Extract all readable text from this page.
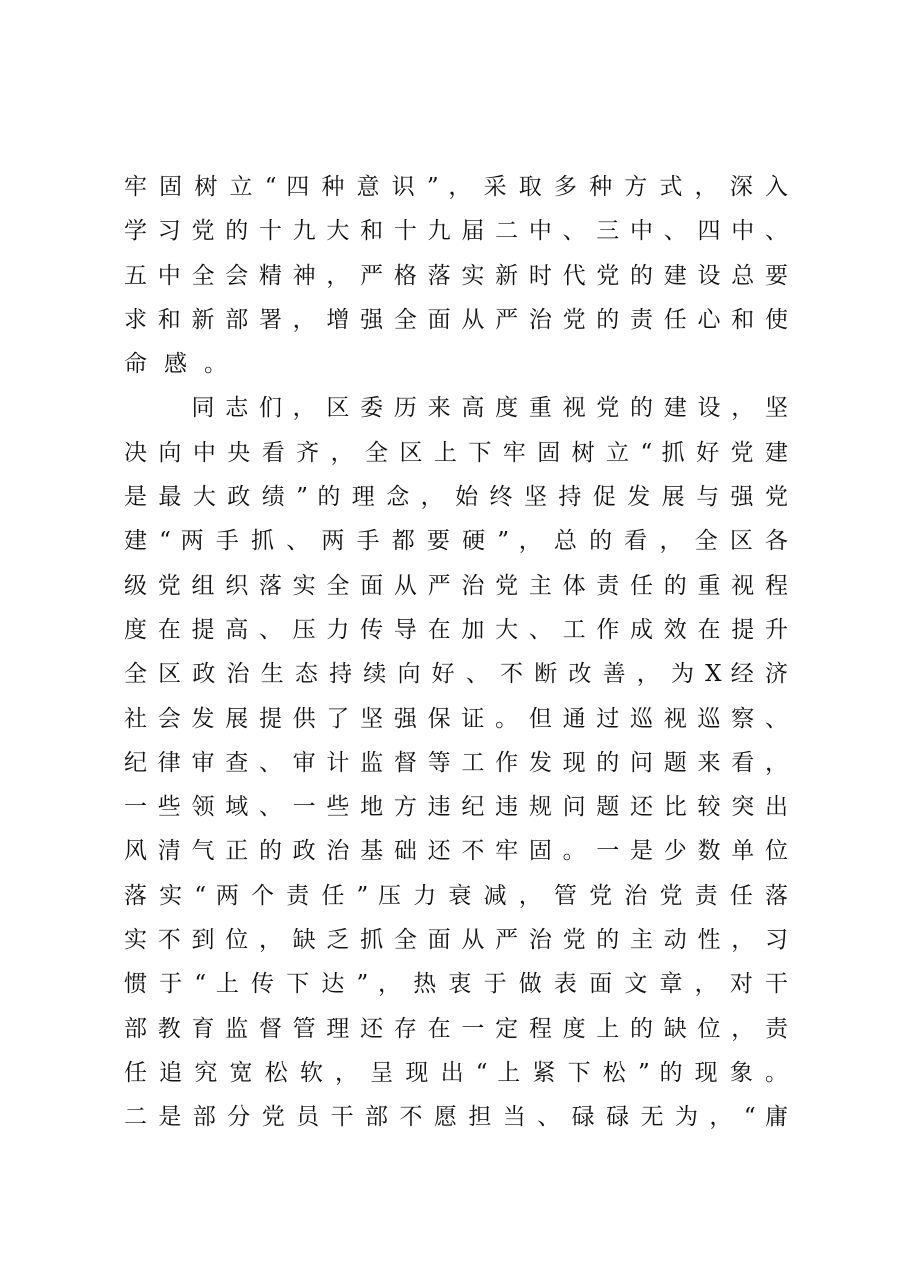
牢 固 树 立 “ 四 种 意 识 ” ， 采 取 多 种 方 式 ， 深 入
学 习 党 的 十 九 大 和 十 九 届 二 中 、 三 中 、 四 中 、
五 中 全 会 精 神 ， 严 格 落 实 新 时 代 党 的 建 设 总 要
求 和 新 部 署 ， 增 强 全 面 从 严 治 党 的 责 任 心 和 使
命感。
　 　 同 志 们 ， 区 委 历 来 高 度 重 视 党 的 建 设 ， 坚
决 向 中 央 看 齐 ， 全 区 上 下 牢 固 树 立 “ 抓 好 党 建
是 最 大 政 绩 ” 的 理 念 ， 始 终 坚 持 促 发 展 与 强 党
建 “ 两 手 抓 、 两 手 都 要 硬 ” ， 总 的 看 ， 全 区 各
级 党 组 织 落 实 全 面 从 严 治 党 主 体 责 任 的 重 视 程
度 在 提 高 、 压 力 传 导 在 加 大 、 工 作 成 效 在 提 升
全 区 政 治 生 态 持 续 向 好 、 不 断 改 善 ， 为 X 经 济
社 会 发 展 提 供 了 坚 强 保 证 。 但 通 过 巡 视 巡 察 、
纪 律 审 查 、 审 计 监 督 等 工 作 发 现 的 问 题 来 看 ，
一 些 领 域 、 一 些 地 方 违 纪 违 规 问 题 还 比 较 突 出
风 清 气 正 的 政 治 基 础 还 不 牢 固 。 一 是 少 数 单 位
落 实 “ 两 个 责 任 ” 压 力 衰 减 ， 管 党 治 党 责 任 落
实 不 到 位 ， 缺 乏 抓 全 面 从 严 治 党 的 主 动 性 ， 习
惯 于 “ 上 传 下 达 ” ， 热 衷 于 做 表 面 文 章 ， 对 干
部 教 育 监 督 管 理 还 存 在 一 定 程 度 上 的 缺 位 ， 责
任 追 究 宽 松 软 ， 呈 现 出 “ 上 紧 下 松 ” 的 现 象 。
二 是 部 分 党 员 干 部 不 愿 担 当 、 碌 碌 无 为 ， “ 庸
